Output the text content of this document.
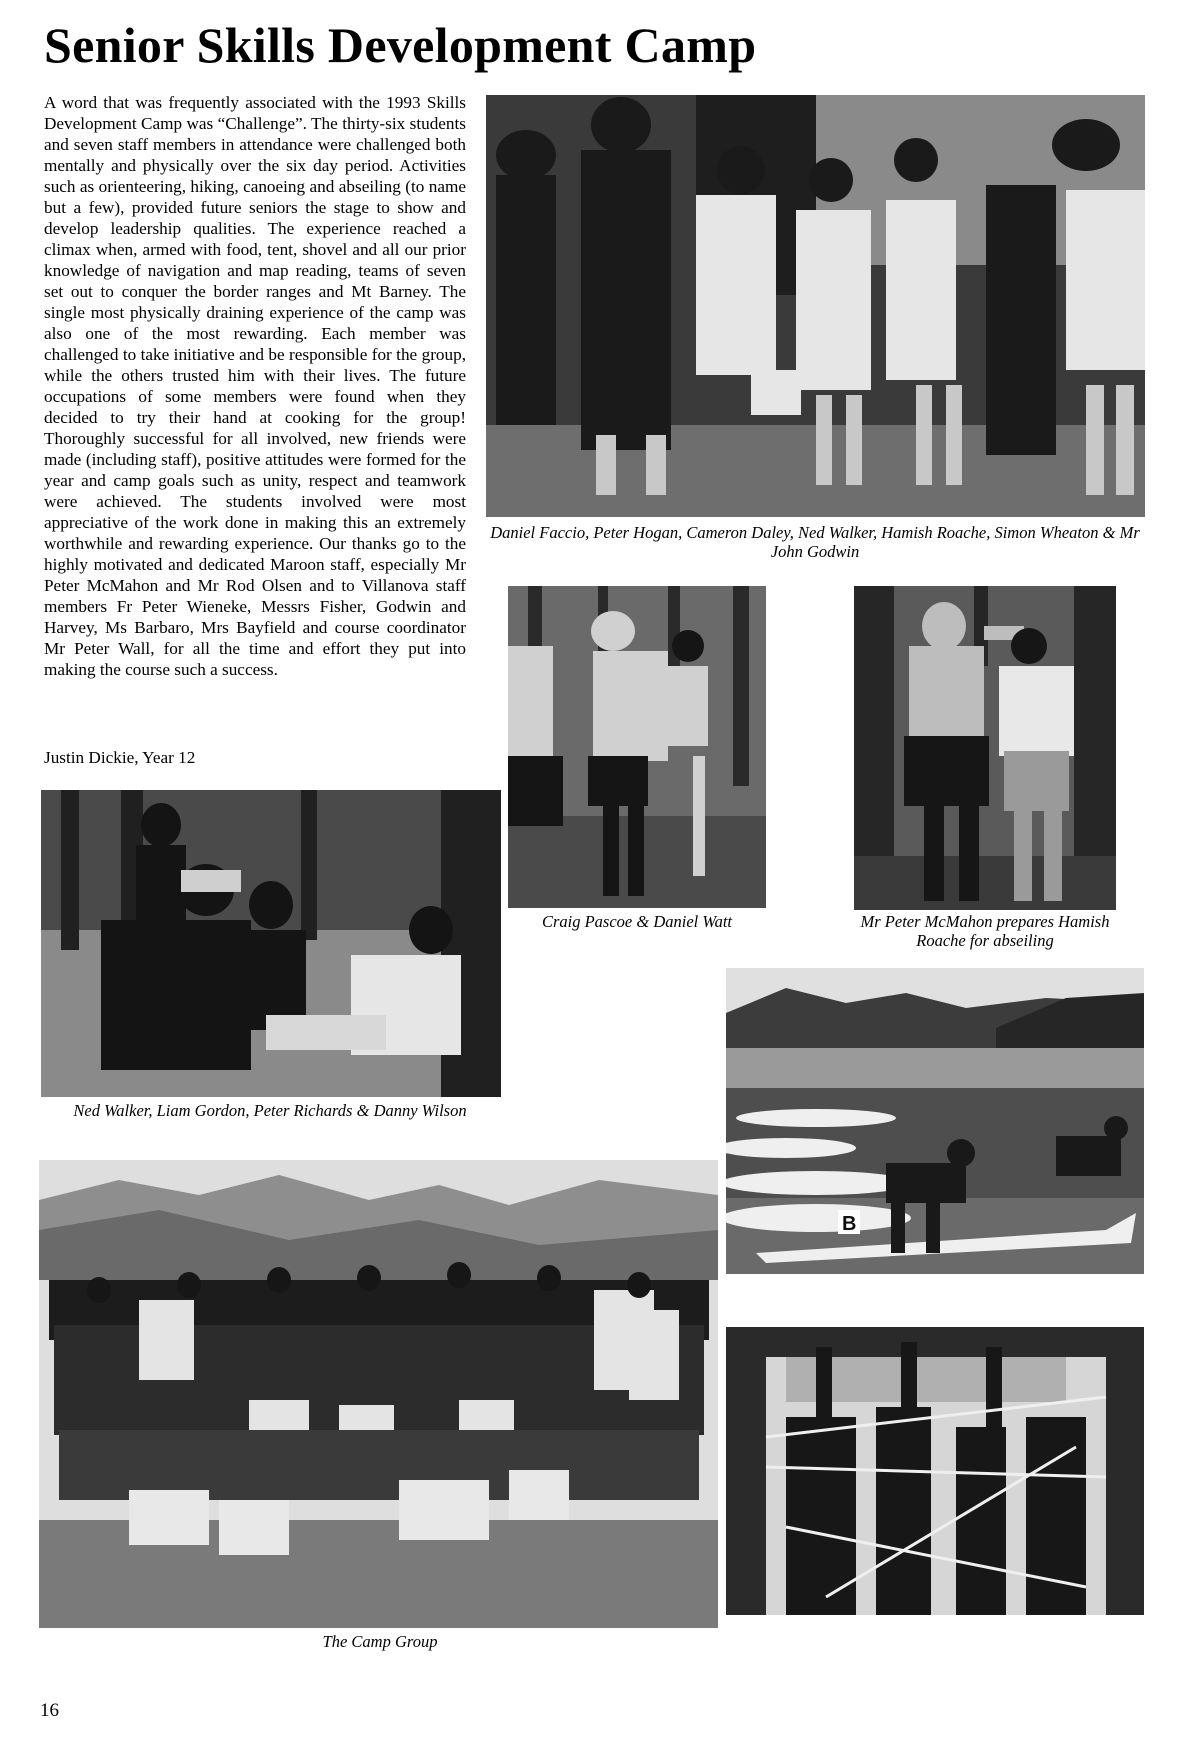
Senior Skills Development Camp
A word that was frequently associated with the 1993 Skills Development Camp was “Challenge”. The thirty-six students and seven staff members in attendance were challenged both mentally and physically over the six day period. Activities such as orienteering, hiking, canoeing and abseiling (to name but a few), provided future seniors the stage to show and develop leadership qualities. The experience reached a climax when, armed with food, tent, shovel and all our prior knowledge of navigation and map reading, teams of seven set out to conquer the border ranges and Mt Barney. The single most physically draining experience of the camp was also one of the most rewarding. Each member was challenged to take initiative and be responsible for the group, while the others trusted him with their lives. The future occupations of some members were found when they decided to try their hand at cooking for the group! Thoroughly successful for all involved, new friends were made (including staff), positive attitudes were formed for the year and camp goals such as unity, respect and teamwork were achieved. The students involved were most appreciative of the work done in making this an extremely worthwhile and rewarding experience. Our thanks go to the highly motivated and dedicated Maroon staff, especially Mr Peter McMahon and Mr Rod Olsen and to Villanova staff members Fr Peter Wieneke, Messrs Fisher, Godwin and Harvey, Ms Barbaro, Mrs Bayfield and course coordinator Mr Peter Wall, for all the time and effort they put into making the course such a success.
Justin Dickie, Year 12
Daniel Faccio, Peter Hogan, Cameron Daley, Ned Walker, Hamish Roache, Simon Wheaton & Mr John Godwin
Craig Pascoe & Daniel Watt	Mr Peter McMahon prepares Hamish Roache for abseiling
Ned Walker, Liam Gordon, Peter Richards & Danny Wilson
B
The Camp Group
16
